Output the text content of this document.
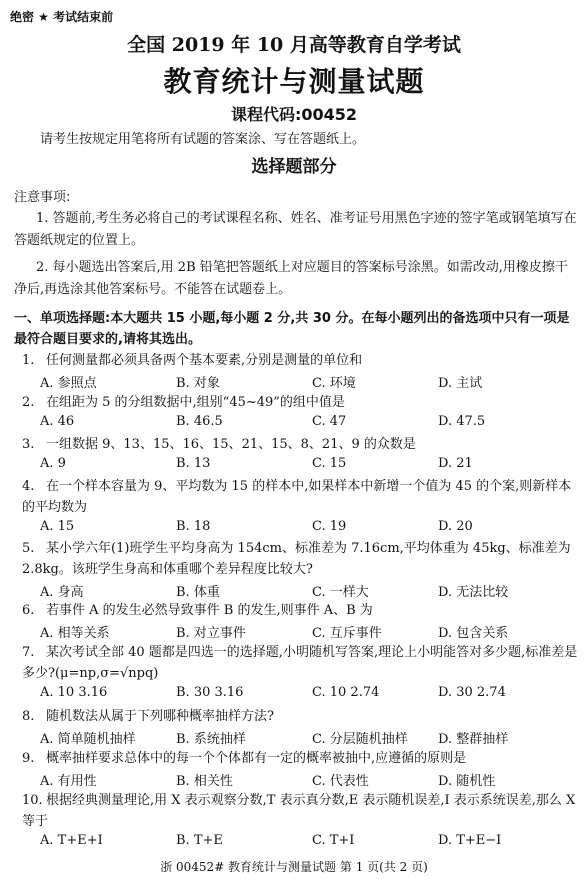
绝密 ★ 考试结束前
全国 2019 年 10 月高等教育自学考试
教育统计与测量试题
课程代码:00452
请考生按规定用笔将所有试题的答案涂、写在答题纸上。
选择题部分
注意事项:
1. 答题前,考生务必将自己的考试课程名称、姓名、准考证号用黑色字迹的签字笔或钢笔填写在答题纸规定的位置上。
2. 每小题选出答案后,用 2B 铅笔把答题纸上对应题目的答案标号涂黑。如需改动,用橡皮擦干净后,再选涂其他答案标号。不能答在试题卷上。
一、单项选择题:本大题共 15 小题,每小题 2 分,共 30 分。在每小题列出的备选项中只有一项是最符合题目要求的,请将其选出。
1. 任何测量都必须具备两个基本要素,分别是测量的单位和
A. 参照点	B. 对象	C. 环境	D. 主试
2. 在组距为 5 的分组数据中,组别“45~49”的组中值是
A. 46	B. 46.5	C. 47	D. 47.5
3. 一组数据 9、13、15、16、15、21、15、8、21、9 的众数是
A. 9	B. 13	C. 15	D. 21
4. 在一个样本容量为 9、平均数为 15 的样本中,如果样本中新增一个值为 45 的个案,则新样本的平均数为
A. 15	B. 18	C. 19	D. 20
5. 某小学六年(1)班学生平均身高为 154cm、标准差为 7.16cm,平均体重为 45kg、标准差为 2.8kg。该班学生身高和体重哪个差异程度比较大?
A. 身高	B. 体重	C. 一样大	D. 无法比较
6. 若事件 A 的发生必然导致事件 B 的发生,则事件 A、B 为
A. 相等关系	B. 对立事件	C. 互斥事件	D. 包含关系
7. 某次考试全部 40 题都是四选一的选择题,小明随机写答案,理论上小明能答对多少题,标准差是多少?(μ=np,σ=√npq)
A. 10 3.16	B. 30 3.16	C. 10 2.74	D. 30 2.74
8. 随机数法从属于下列哪种概率抽样方法?
A. 简单随机抽样	B. 系统抽样	C. 分层随机抽样 D. 整群抽样
9. 概率抽样要求总体中的每一个个体都有一定的概率被抽中,应遵循的原则是
A. 有用性	B. 相关性	C. 代表性	D. 随机性
10. 根据经典测量理论,用 X 表示观察分数,T 表示真分数,E 表示随机误差,I 表示系统误差,那么 X 等于
A. T+E+I	B. T+E	C. T+I	D. T+E−I
浙 00452# 教育统计与测量试题 第 1 页(共 2 页)
